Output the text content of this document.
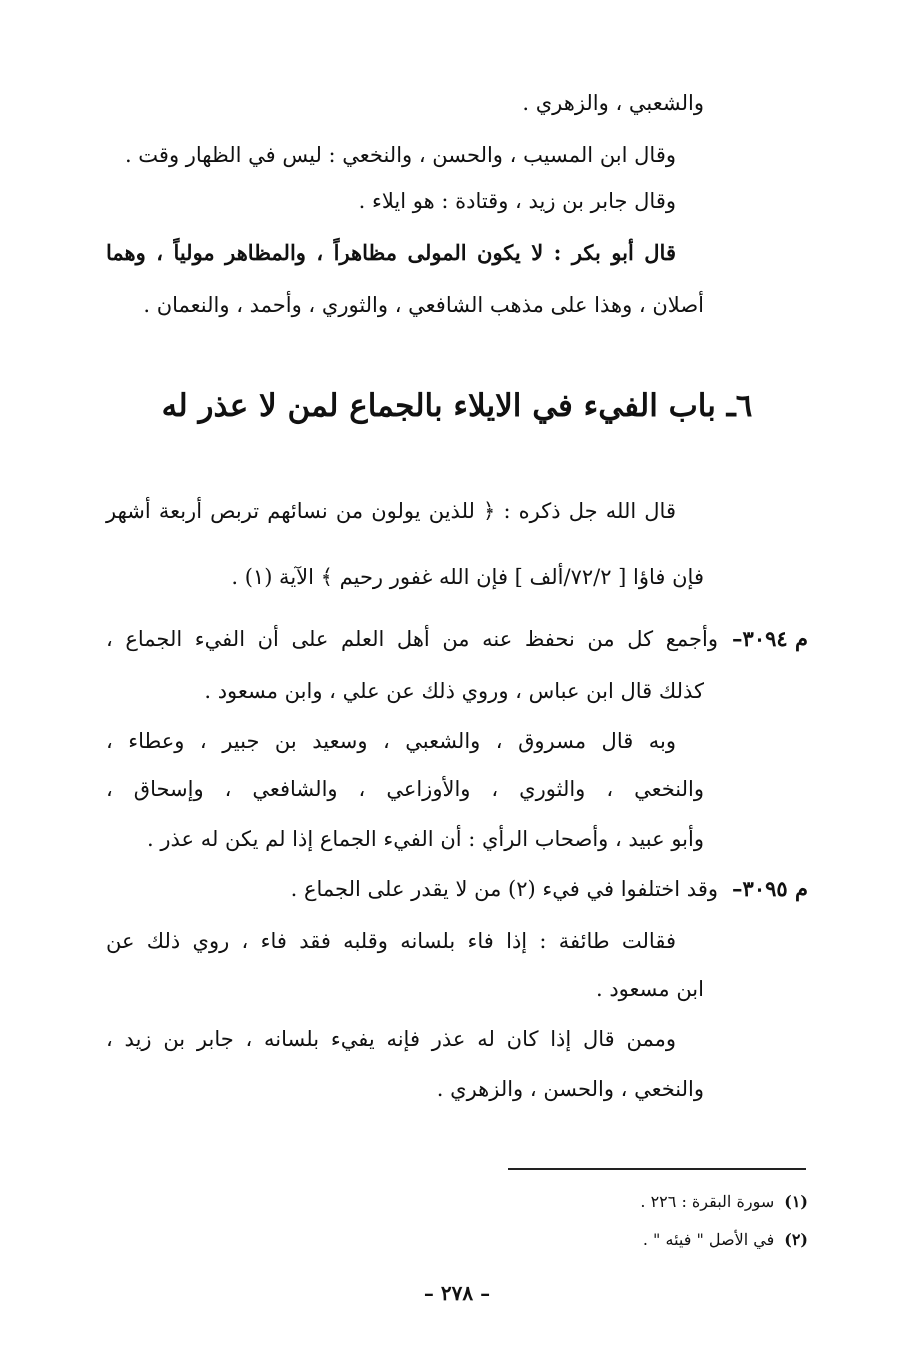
والشعبي ، والزهري .
وقال ابن المسيب ، والحسن ، والنخعي : ليس في الظهار وقت .
وقال جابر بن زيد ، وقتادة : هو ايلاء .
قال أبو بكر : لا يكون المولى مظاهراً ، والمظاهر مولياً ، وهما
أصلان ، وهذا على مذهب الشافعي ، والثوري ، وأحمد ، والنعمان .
٦ـ باب الفيء في الايلاء بالجماع لمن لا عذر له
قال الله جل ذكره : ﴿ للذين يولون من نسائهم تربص أربعة أشهر
فإن فاؤا [ ٧٢/٢/ألف ] فإن الله غفور رحيم ﴾ الآية (١) .
م ٣٠٩٤–
وأجمع كل من نحفظ عنه من أهل العلم على أن الفيء الجماع ،
كذلك قال ابن عباس ، وروي ذلك عن علي ، وابن مسعود .
وبه قال مسروق ، والشعبي ، وسعيد بن جبير ، وعطاء ،
والنخعي ، والثوري ، والأوزاعي ، والشافعي ، وإسحاق ،
وأبو عبيد ، وأصحاب الرأي : أن الفيء الجماع إذا لم يكن له عذر .
م ٣٠٩٥–
وقد اختلفوا في فيء (٢) من لا يقدر على الجماع .
فقالت طائفة : إذا فاء بلسانه وقلبه فقد فاء ، روي ذلك عن
ابن مسعود .
وممن قال إذا كان له عذر فإنه يفيء بلسانه ، جابر بن زيد ،
والنخعي ، والحسن ، والزهري .
(١)سورة البقرة : ٢٢٦ .
(٢)في الأصل " فيئه " .
– ٢٧٨ –
